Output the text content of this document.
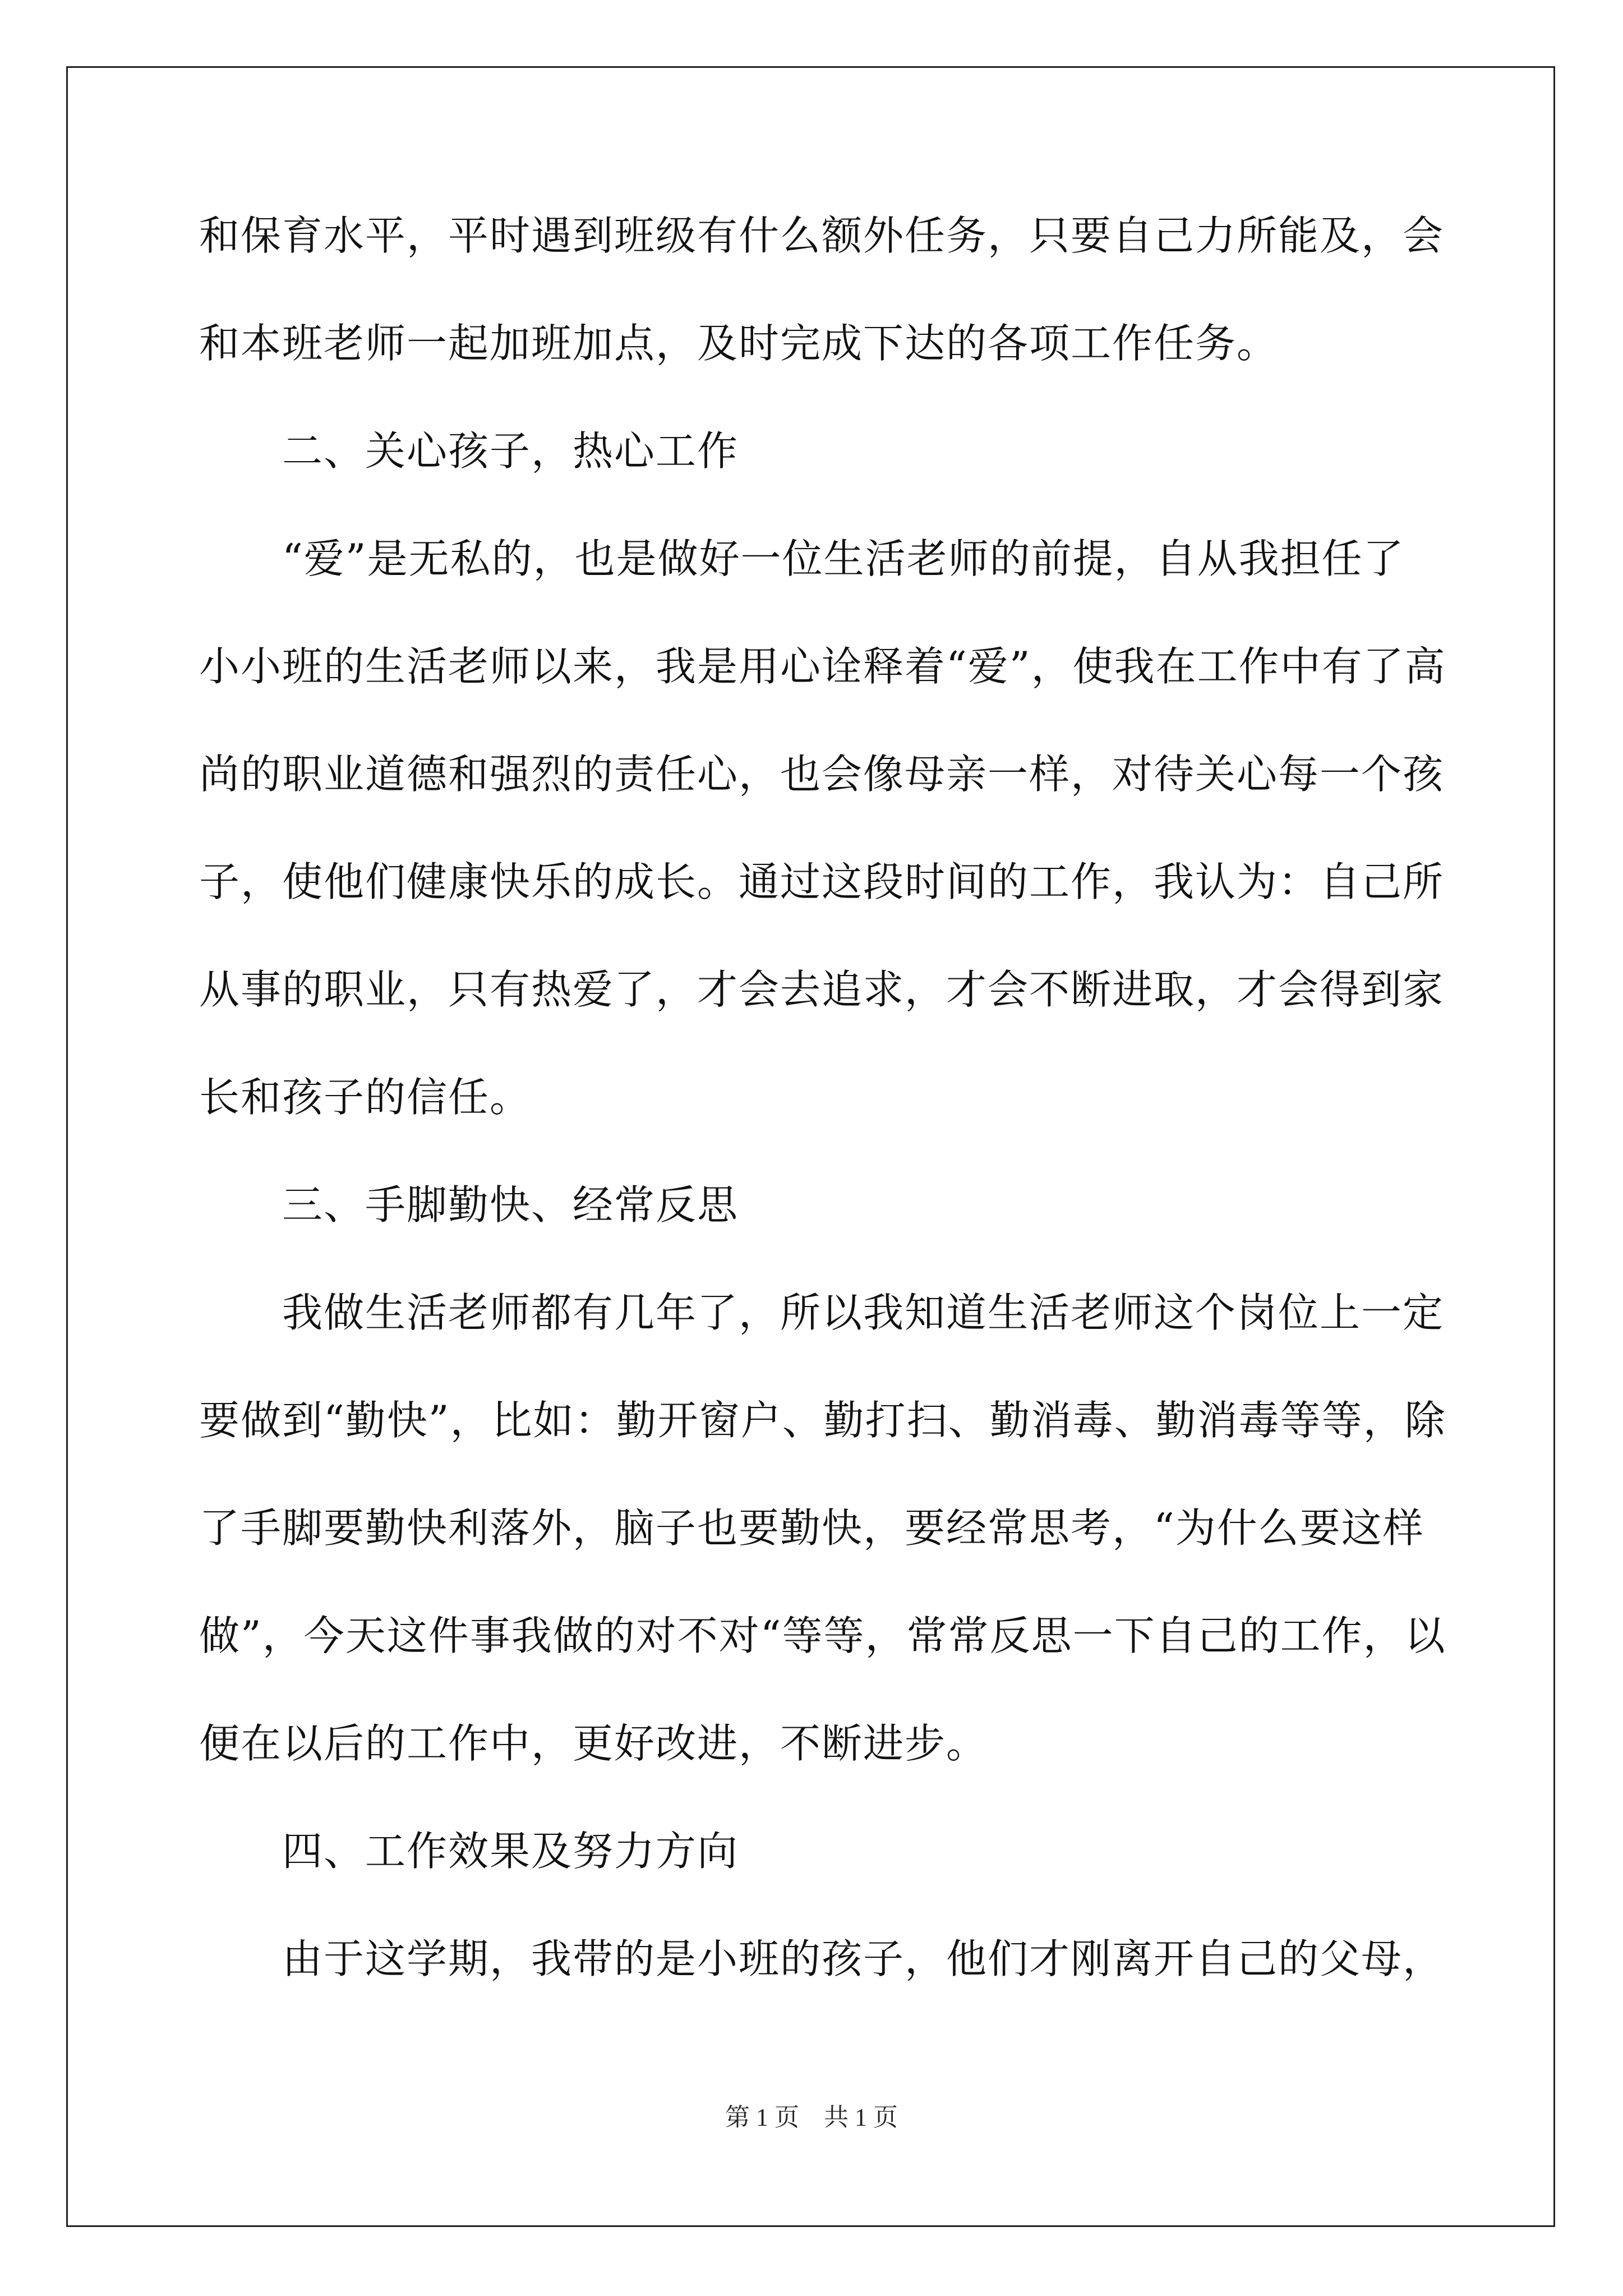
和保育水平，平时遇到班级有什么额外任务，只要自己力所能及，会
和本班老师一起加班加点，及时完成下达的各项工作任务。
二、关心孩子，热心工作
“爱”是无私的，也是做好一位生活老师的前提，自从我担任了
小小班的生活老师以来，我是用心诠释着“爱”，使我在工作中有了高
尚的职业道德和强烈的责任心，也会像母亲一样，对待关心每一个孩
子，使他们健康快乐的成长。通过这段时间的工作，我认为：自己所
从事的职业，只有热爱了，才会去追求，才会不断进取，才会得到家
长和孩子的信任。
三、手脚勤快、经常反思
我做生活老师都有几年了，所以我知道生活老师这个岗位上一定
要做到“勤快”，比如：勤开窗户、勤打扫、勤消毒、勤消毒等等，除
了手脚要勤快利落外，脑子也要勤快，要经常思考，“为什么要这样
做”，今天这件事我做的对不对“等等，常常反思一下自己的工作，以
便在以后的工作中，更好改进，不断进步。
四、工作效果及努力方向
由于这学期，我带的是小班的孩子，他们才刚离开自己的父母，
第 1 页 共 1 页
